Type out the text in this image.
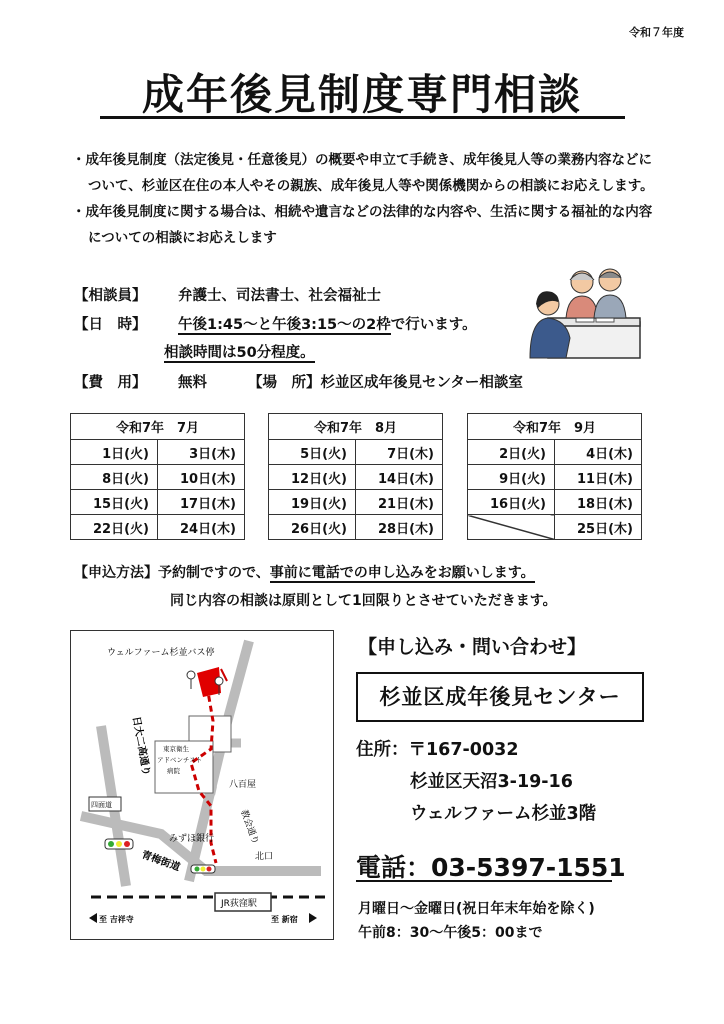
令和７年度
成年後見制度専門相談

・成年後見制度（法定後見・任意後見）の概要や申立て手続き、成年後見人等の業務内容などについて、杉並区在住の本人やその親族、成年後見人等や関係機関からの相談にお応えします。

・成年後見制度に関する場合は、相続や遺言などの法律的な内容や、生活に関する福祉的な内容についての相談にお応えします

【相談員】 弁護士、司法書士、社会福祉士
【日　時】 午後1:45～と午後3:15～の2枠で行います。
相談時間は50分程度。
【費　用】 無料	【場　所】杉並区成年後見センター相談室
令和7年　7月	
1日(火)	3日(木)
8日(火)	10日(木)
15日(火)	17日(木)
22日(火)	24日(木)
令和7年　8月	
5日(火)	7日(木)
12日(火)	14日(木)
19日(火)	21日(木)
26日(火)	28日(木)
令和7年　9月	
2日(火)	4日(木)
9日(火)	11日(木)
16日(火)	18日(木)
	25日(木)
【申込方法】予約制ですので、事前に電話での申し込みをお願いします。
同じ内容の相談は原則として1回限りとさせていただきます。
ウェルファーム杉並バス停
日大二高通り	東京衛生
アドベンチスト
病院
八百屋
教会通り
みずほ銀行
四面道
青梅街道	北口
JR荻窪駅
至 吉祥寺	至 新宿
【申し込み・問い合わせ】
杉並区成年後見センター
住所：〒167-0032
杉並区天沼3-19-16
ウェルファーム杉並3階
電話：03-5397-1551
月曜日～金曜日(祝日年末年始を除く)
午前8：30～午後5：00まで
